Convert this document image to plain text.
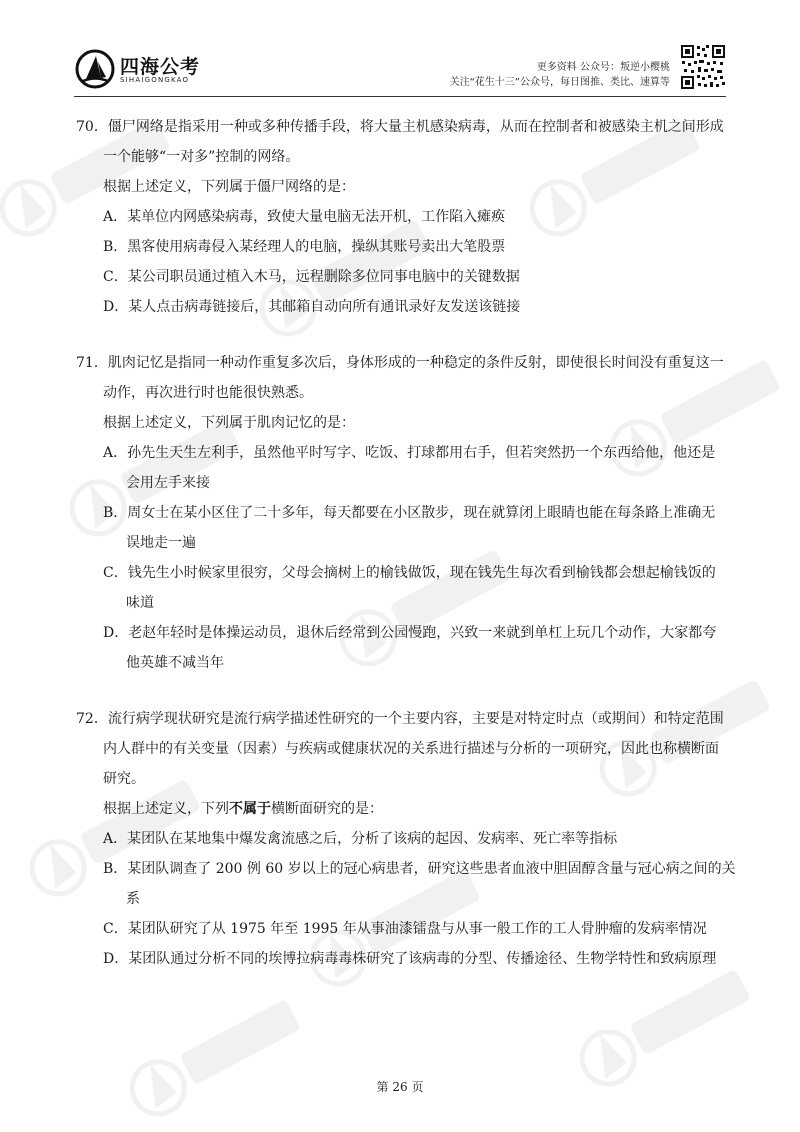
四海公考
SIHAIGONGKAO
更多资料 公众号：叛逆小樱桃
关注“花生十三”公众号，每日图推、类比、速算等
70．僵尸网络是指采用一种或多种传播手段，将大量主机感染病毒，从而在控制者和被感染主机之间形成
一个能够“一对多”控制的网络。
根据上述定义，下列属于僵尸网络的是：
A．某单位内网感染病毒，致使大量电脑无法开机，工作陷入瘫痪
B．黑客使用病毒侵入某经理人的电脑，操纵其账号卖出大笔股票
C．某公司职员通过植入木马，远程删除多位同事电脑中的关键数据
D．某人点击病毒链接后，其邮箱自动向所有通讯录好友发送该链接
71．肌肉记忆是指同一种动作重复多次后，身体形成的一种稳定的条件反射，即使很长时间没有重复这一
动作，再次进行时也能很快熟悉。
根据上述定义，下列属于肌肉记忆的是：
A．孙先生天生左利手，虽然他平时写字、吃饭、打球都用右手，但若突然扔一个东西给他，他还是
会用左手来接
B．周女士在某小区住了二十多年，每天都要在小区散步，现在就算闭上眼睛也能在每条路上准确无
误地走一遍
C．钱先生小时候家里很穷，父母会摘树上的榆钱做饭，现在钱先生每次看到榆钱都会想起榆钱饭的
味道
D．老赵年轻时是体操运动员，退休后经常到公园慢跑，兴致一来就到单杠上玩几个动作，大家都夸
他英雄不减当年
72．流行病学现状研究是流行病学描述性研究的一个主要内容，主要是对特定时点（或期间）和特定范围
内人群中的有关变量（因素）与疾病或健康状况的关系进行描述与分析的一项研究，因此也称横断面
研究。
根据上述定义，下列不属于横断面研究的是：
A．某团队在某地集中爆发禽流感之后，分析了该病的起因、发病率、死亡率等指标
B．某团队调查了 200 例 60 岁以上的冠心病患者，研究这些患者血液中胆固醇含量与冠心病之间的关
系
C．某团队研究了从 1975 年至 1995 年从事油漆镭盘与从事一般工作的工人骨肿瘤的发病率情况
D．某团队通过分析不同的埃博拉病毒毒株研究了该病毒的分型、传播途径、生物学特性和致病原理
第 26 页
